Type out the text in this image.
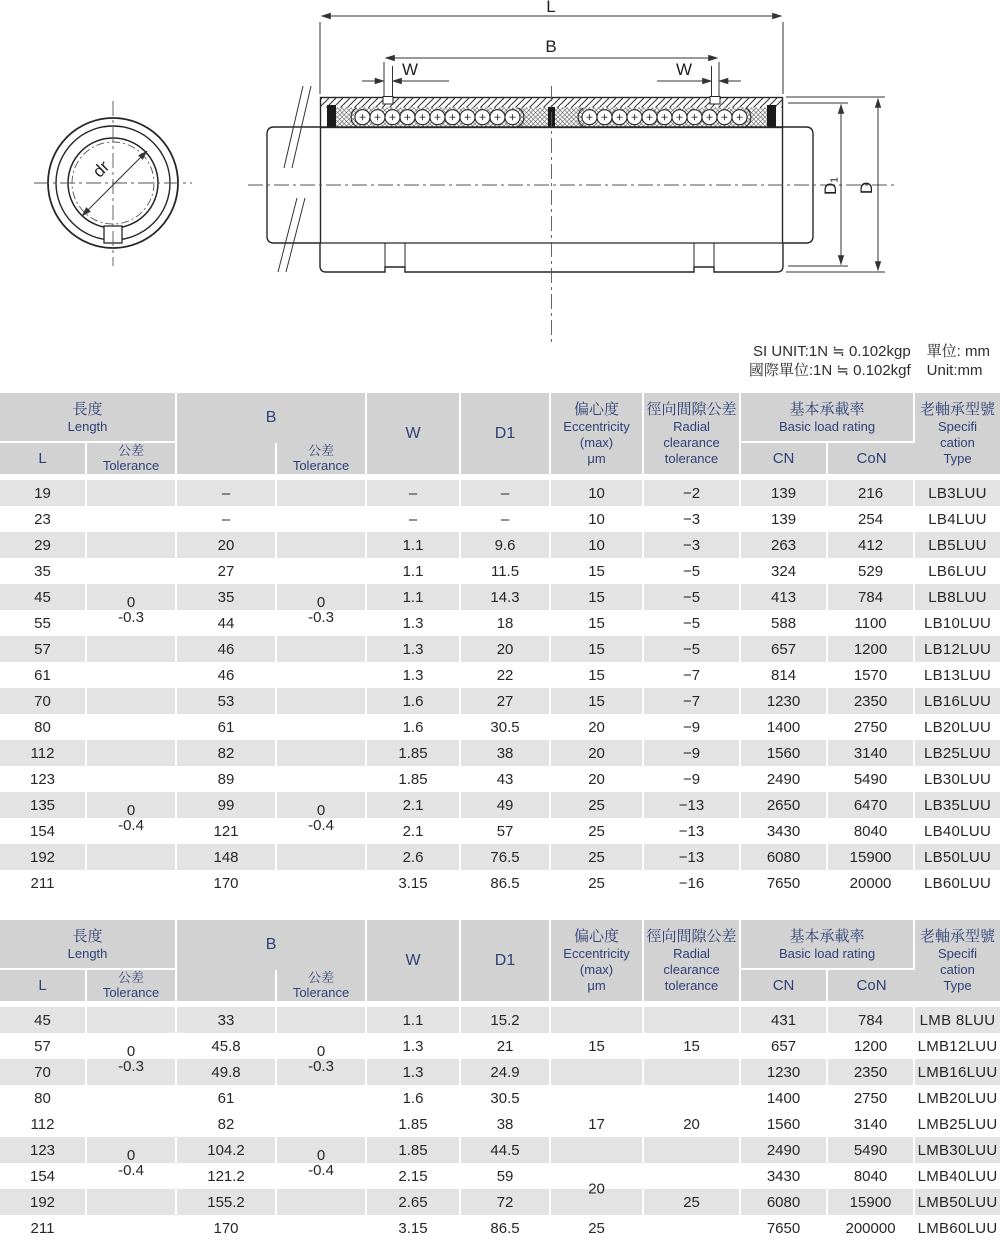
dr
L
B
W	W
D₁ D
SI UNIT:1N ≒ 0.102kgp
國際單位:1N ≒ 0.102kgf
單位: mm
Unit:mm
長度
Length	B

W	D1

偏心度
Eccentricity
(max)
μm

徑向間隙公差
Radial
clearance
tolerance

基本承載率
Basic load rating

老軸承型號
Specifi
cation
Type

L	公差
Tolerance

公差
Tolerance	CN	CoN

19		–		–	–	10	−2	139	216	LB3LUU
23		–		–	–	10	−3	139	254	LB4LUU
29		20		1.1	9.6	10	−3	263	412	LB5LUU
35		27		1.1	11.5	15	−5	324	529	LB6LUU
45	0
-0.3	35	0
-0.3	1.1	14.3	15	−5	413	784	LB8LUU
55		44		1.3	18	15	−5	588	1100	LB10LUU
57		46		1.3	20	15	−5	657	1200	LB12LUU
61		46		1.3	22	15	−7	814	1570	LB13LUU
70		53		1.6	27	15	−7	1230	2350	LB16LUU
80		61		1.6	30.5	20	−9	1400	2750	LB20LUU
112		82		1.85	38	20	−9	1560	3140	LB25LUU
123		89		1.85	43	20	−9	2490	5490	LB30LUU
135	0
-0.4	99	0
-0.4	2.1	49	25	−13	2650	6470	LB35LUU
154		121		2.1	57	25	−13	3430	8040	LB40LUU
192		148		2.6	76.5	25	−13	6080	15900	LB50LUU
211		170		3.15	86.5	25	−16	7650	20000	LB60LUU
長度
Length	B

W	D1

偏心度
Eccentricity
(max)
μm

徑向間隙公差
Radial
clearance
tolerance

基本承載率
Basic load rating

老軸承型號
Specifi
cation
Type

L	公差
Tolerance

公差
Tolerance	CN	CoN

45		33		1.1	15.2			431	784	LMB 8LUU
57	0
-0.3	45.8	0
-0.3	1.3	21	15	15	657	1200	LMB12LUU
70		49.8		1.3	24.9			1230	2350	LMB16LUU
80		61		1.6	30.5			1400	2750	LMB20LUU
112		82		1.85	38	17	20	1560	3140	LMB25LUU
123	0
-0.4	104.2	0
-0.4	1.85	44.5			2490	5490	LMB30LUU
154		121.2		2.15	59	20		3430	8040	LMB40LUU
192		155.2		2.65	72		25	6080	15900	LMB50LUU
211		170		3.15	86.5	25		7650	200000	LMB60LUU
